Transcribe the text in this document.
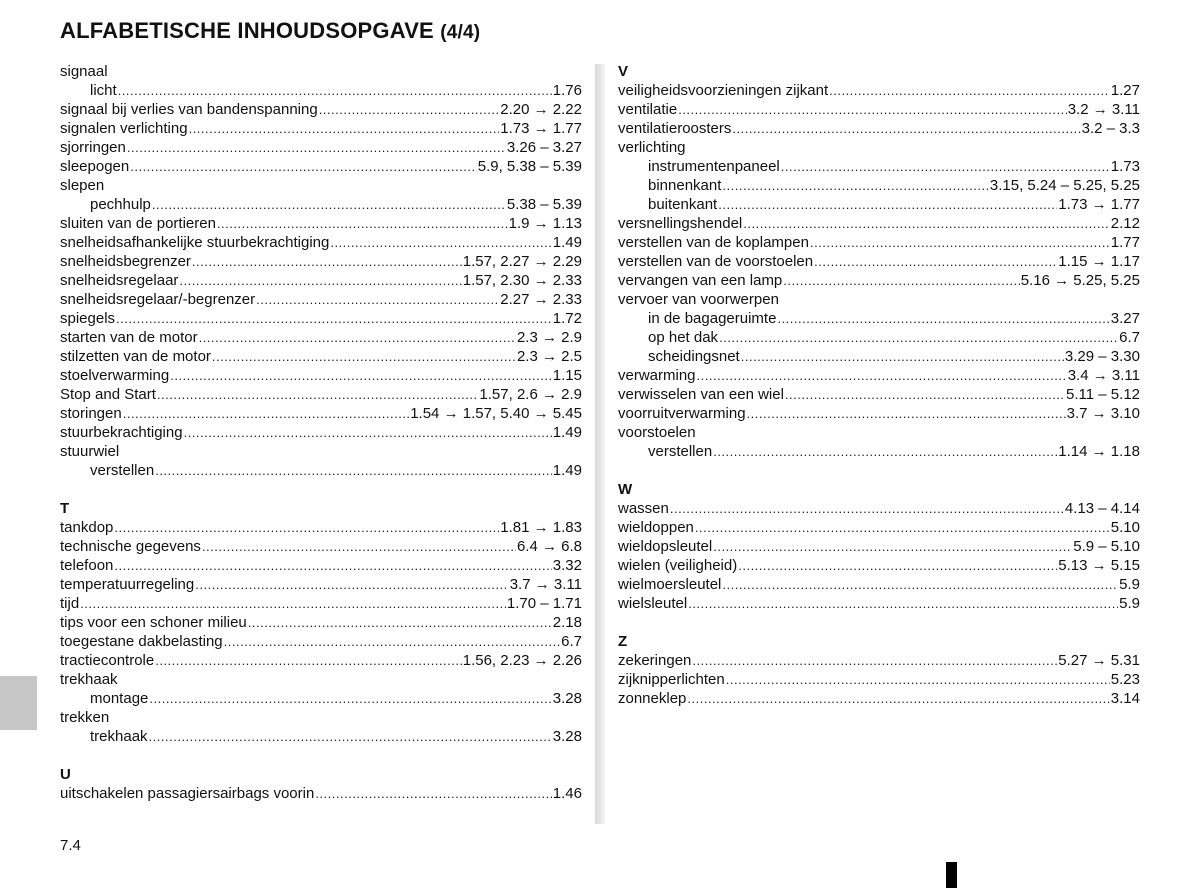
ALFABETISCHE INHOUDSOPGAVE (4/4)
signaal
licht .....	1.76
signaal bij verlies van bandenspanning .....	2.20 → 2.22
signalen verlichting .....	1.73 → 1.77
sjorringen .....	3.26 – 3.27
sleepogen .....	5.9, 5.38 – 5.39
slepen
pechhulp .....	5.38 – 5.39
sluiten van de portieren .....	1.9 → 1.13
snelheidsafhankelijke stuurbekrachtiging .....	1.49
snelheidsbegrenzer .....	1.57, 2.27 → 2.29
snelheidsregelaar .....	1.57, 2.30 → 2.33
snelheidsregelaar/-begrenzer .....	2.27 → 2.33
spiegels .....	1.72
starten van de motor .....	2.3 → 2.9
stilzetten van de motor .....	2.3 → 2.5
stoelverwarming .....	1.15
Stop and Start .....	1.57, 2.6 → 2.9
storingen .....	1.54 → 1.57, 5.40 → 5.45
stuurbekrachtiging .....	1.49
stuurwiel
verstellen .....	1.49
T
tankdop .....	1.81 → 1.83
technische gegevens .....	6.4 → 6.8
telefoon .....	3.32
temperatuurregeling .....	3.7 → 3.11
tijd .....	1.70 – 1.71
tips voor een schoner milieu .....	2.18
toegestane dakbelasting .....	6.7
tractiecontrole .....	1.56, 2.23 → 2.26
trekhaak
montage .....	3.28
trekken
trekhaak .....	3.28
U
uitschakelen passagiersairbags voorin .....	1.46
V
veiligheidsvoorzieningen zijkant .....	1.27
ventilatie .....	3.2 → 3.11
ventilatieroosters .....	3.2 – 3.3
verlichting
instrumentenpaneel .....	1.73
binnenkant .....	3.15, 5.24 – 5.25, 5.25
buitenkant .....	1.73 → 1.77
versnellingshendel .....	2.12
verstellen van de koplampen .....	1.77
verstellen van de voorstoelen .....	1.15 → 1.17
vervangen van een lamp .....	5.16 → 5.25, 5.25
vervoer van voorwerpen
in de bagageruimte .....	3.27
op het dak .....	6.7
scheidingsnet .....	3.29 – 3.30
verwarming .....	3.4 → 3.11
verwisselen van een wiel .....	5.11 – 5.12
voorruitverwarming .....	3.7 → 3.10
voorstoelen
verstellen .....	1.14 → 1.18
W
wassen .....	4.13 – 4.14
wieldoppen .....	5.10
wieldopsleutel .....	5.9 – 5.10
wielen (veiligheid) .....	5.13 → 5.15
wielmoersleutel .....	5.9
wielsleutel .....	5.9
Z
zekeringen .....	5.27 → 5.31
zijknipperlichten .....	5.23
zonneklep .....	3.14
7.4
